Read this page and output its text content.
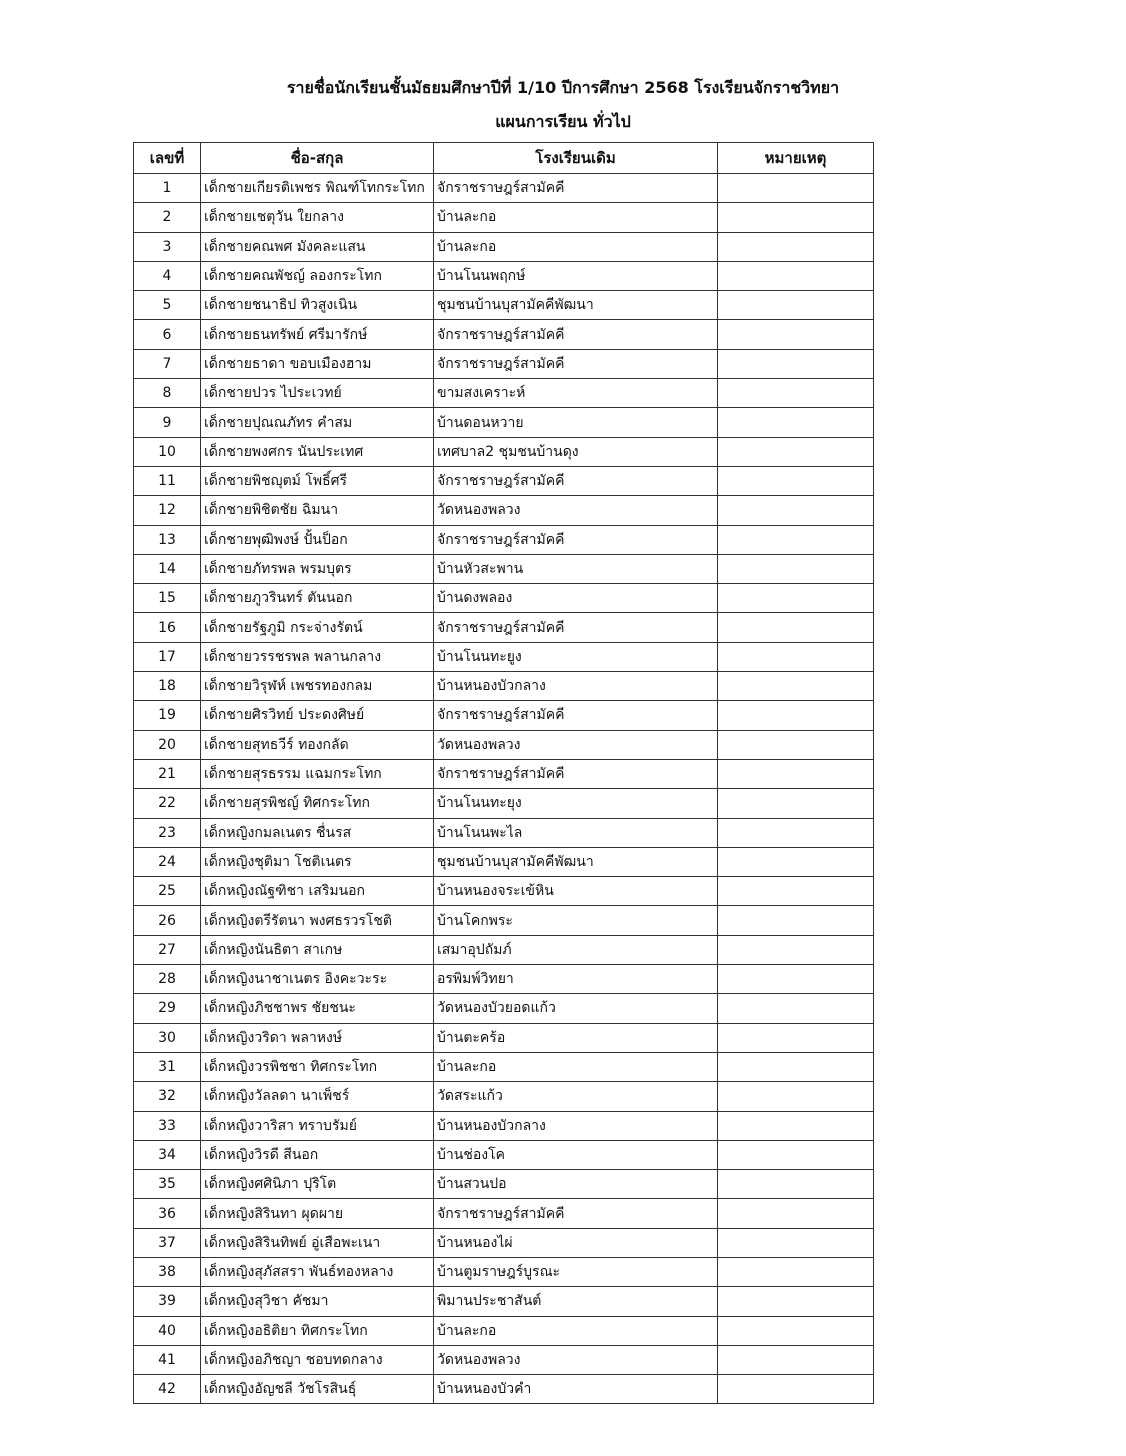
รายชื่อนักเรียนชั้นมัธยมศึกษาปีที่ 1/10 ปีการศึกษา 2568 โรงเรียนจักราชวิทยา
แผนการเรียน ทั่วไป
เลขที่	ชื่อ-สกุล	โรงเรียนเดิม	หมายเหตุ
1	เด็กชายเกียรติเพชร พิณฑ์โทกระโทก	จักราชราษฎร์สามัคคี	
2	เด็กชายเชตุวัน ใยกลาง	บ้านละกอ	
3	เด็กชายคณพศ มังคละแสน	บ้านละกอ	
4	เด็กชายคณพัชญ์ ลองกระโทก	บ้านโนนพฤกษ์	
5	เด็กชายชนาธิป ทิวสูงเนิน	ชุมชนบ้านบุสามัคคีพัฒนา	
6	เด็กชายธนทรัพย์ ศรีมารักษ์	จักราชราษฎร์สามัคคี	
7	เด็กชายธาดา ขอบเมืองฮาม	จักราชราษฎร์สามัคคี	
8	เด็กชายปวร ไประเวทย์	ขามสงเคราะห์	
9	เด็กชายปุณณภัทร คำสม	บ้านดอนหวาย	
10	เด็กชายพงศกร นันประเทศ	เทศบาล2 ชุมชนบ้านดุง	
11	เด็กชายพิชญุตม์ โพธิ์ศรี	จักราชราษฎร์สามัคคี	
12	เด็กชายพิชิตชัย ฉิมนา	วัดหนองพลวง	
13	เด็กชายพุฒิพงษ์ ปั้นป็อก	จักราชราษฎร์สามัคคี	
14	เด็กชายภัทรพล พรมบุตร	บ้านหัวสะพาน	
15	เด็กชายภูวรินทร์ ตันนอก	บ้านดงพลอง	
16	เด็กชายรัฐภูมิ กระจ่างรัตน์	จักราชราษฎร์สามัคคี	
17	เด็กชายวรรชรพล พลานกลาง	บ้านโนนทะยูง	
18	เด็กชายวิรุฬห์ เพชรทองกลม	บ้านหนองบัวกลาง	
19	เด็กชายศิรวิทย์ ประดงศิษย์	จักราชราษฎร์สามัคคี	
20	เด็กชายสุทธวีร์ ทองกลัด	วัดหนองพลวง	
21	เด็กชายสุรธรรม แฉมกระโทก	จักราชราษฎร์สามัคคี	
22	เด็กชายสุรพิชญ์ ทิศกระโทก	บ้านโนนทะยุง	
23	เด็กหญิงกมลเนตร ชื่นรส	บ้านโนนพะไล	
24	เด็กหญิงชุติมา โชติเนตร	ชุมชนบ้านบุสามัคคีพัฒนา	
25	เด็กหญิงณัฐฑิชา เสริมนอก	บ้านหนองจระเข้หิน	
26	เด็กหญิงตรีรัตนา พงศธรวรโชติ	บ้านโคกพระ	
27	เด็กหญิงนันธิตา สาเกษ	เสมาอุปถัมภ์	
28	เด็กหญิงนาชาเนตร อิงคะวะระ	อรพิมพ์วิทยา	
29	เด็กหญิงภิชชาพร ชัยชนะ	วัดหนองบัวยอดแก้ว	
30	เด็กหญิงวริดา พลาหงษ์	บ้านตะคร้อ	
31	เด็กหญิงวรพิชชา ทิศกระโทก	บ้านละกอ	
32	เด็กหญิงวัลลดา นาเพ็ชร์	วัดสระแก้ว	
33	เด็กหญิงวาริสา ทราบรัมย์	บ้านหนองบัวกลาง	
34	เด็กหญิงวิรดี สีนอก	บ้านช่องโค	
35	เด็กหญิงศศินิภา ปุริโต	บ้านสวนปอ	
36	เด็กหญิงสิรินทา ผุดผาย	จักราชราษฎร์สามัคคี	
37	เด็กหญิงสิรินทิพย์ อู่เสือพะเนา	บ้านหนองไผ่	
38	เด็กหญิงสุภัสสรา พันธ์ทองหลาง	บ้านตูมราษฎร์บูรณะ	
39	เด็กหญิงสุวิชา คัชมา	พิมานประชาสันต์	
40	เด็กหญิงอธิติยา ทิศกระโทก	บ้านละกอ	
41	เด็กหญิงอภิชญา ชอบทดกลาง	วัดหนองพลวง	
42	เด็กหญิงอัญชลี วัชโรสินธุ์	บ้านหนองบัวคำ	
